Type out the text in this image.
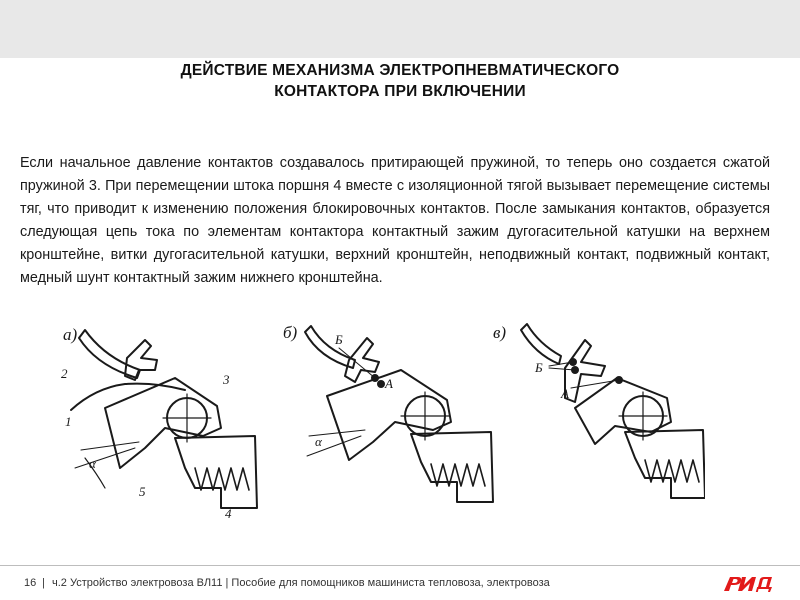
ДЕЙСТВИЕ МЕХАНИЗМА ЭЛЕКТРОПНЕВМАТИЧЕСКОГО
КОНТАКТОРА ПРИ ВКЛЮЧЕНИИ
Если начальное давление контактов создавалось притирающей пружиной, то теперь оно создается сжатой пружиной 3. При перемещении штока поршня 4 вместе с изоляционной тягой вызывает перемещение системы тяг, что приводит к изменению положения блокировочных контактов. После замыкания контактов, образуется следующая цепь тока по элементам контактора контактный зажим дугогасительной катушки на верхнем кронштейне, витки дугогасительной катушки, верхний кронштейн, неподвижный контакт, подвижный контакт, медный шунт контактный зажим нижнего кронштейна.
а)
2	3
1
α
5
4
б)	Б
А
α
в)
Б
А
16 | ч.2 Устройство электровоза ВЛ11 | Пособие для помощников машиниста тепловоза, электровоза
